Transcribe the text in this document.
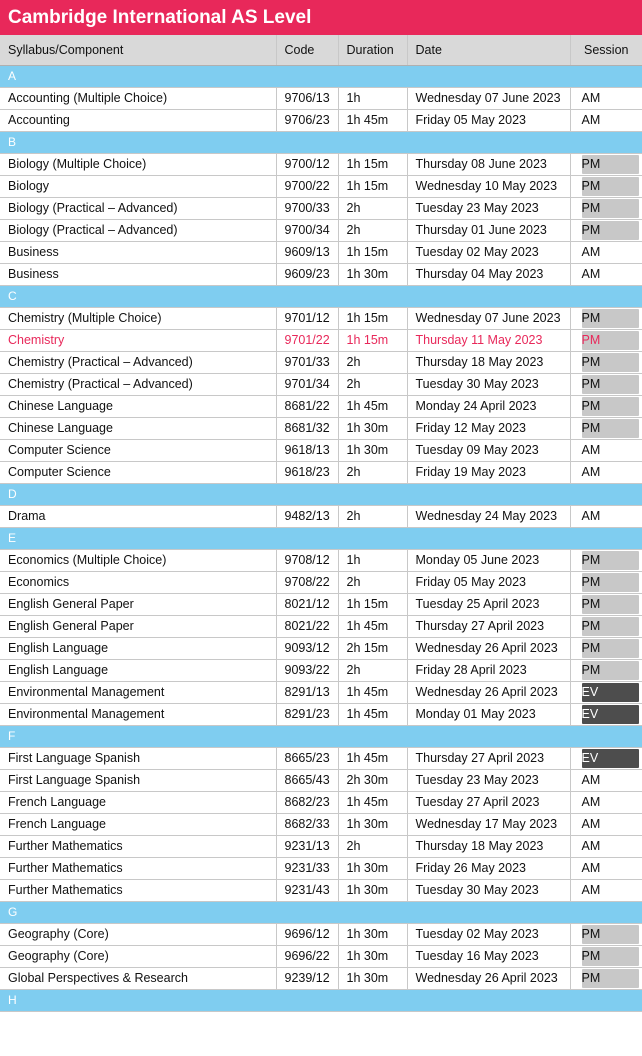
Cambridge International AS Level
Syllabus/Component	Code	Duration	Date	Session
A				
Accounting (Multiple Choice)	9706/13	1h	Wednesday 07 June 2023	AM

Accounting	9706/23	1h 45m	Friday 05 May 2023	AM

B				
Biology (Multiple Choice)	9700/12	1h 15m	Thursday 08 June 2023	PM

Biology	9700/22	1h 15m	Wednesday 10 May 2023	PM

Biology (Practical – Advanced)	9700/33	2h	Tuesday 23 May 2023	PM

Biology (Practical – Advanced)	9700/34	2h	Thursday 01 June 2023	PM

Business	9609/13	1h 15m	Tuesday 02 May 2023	AM

Business	9609/23	1h 30m	Thursday 04 May 2023	AM

C				
Chemistry (Multiple Choice)	9701/12	1h 15m	Wednesday 07 June 2023	PM

Chemistry	9701/22	1h 15m	Thursday 11 May 2023	PM

Chemistry (Practical – Advanced)	9701/33	2h	Thursday 18 May 2023	PM

Chemistry (Practical – Advanced)	9701/34	2h	Tuesday 30 May 2023	PM

Chinese Language	8681/22	1h 45m	Monday 24 April 2023	PM

Chinese Language	8681/32	1h 30m	Friday 12 May 2023	PM

Computer Science	9618/13	1h 30m	Tuesday 09 May 2023	AM

Computer Science	9618/23	2h	Friday 19 May 2023	AM

D				
Drama	9482/13	2h	Wednesday 24 May 2023	AM

E				
Economics (Multiple Choice)	9708/12	1h	Monday 05 June 2023	PM

Economics	9708/22	2h	Friday 05 May 2023	PM

English General Paper	8021/12	1h 15m	Tuesday 25 April 2023	PM

English General Paper	8021/22	1h 45m	Thursday 27 April 2023	PM

English Language	9093/12	2h 15m	Wednesday 26 April 2023	PM

English Language	9093/22	2h	Friday 28 April 2023	PM

Environmental Management	8291/13	1h 45m	Wednesday 26 April 2023	EV

Environmental Management	8291/23	1h 45m	Monday 01 May 2023	EV

F				
First Language Spanish	8665/23	1h 45m	Thursday 27 April 2023	EV

First Language Spanish	8665/43	2h 30m	Tuesday 23 May 2023	AM

French Language	8682/23	1h 45m	Tuesday 27 April 2023	AM

French Language	8682/33	1h 30m	Wednesday 17 May 2023	AM

Further Mathematics	9231/13	2h	Thursday 18 May 2023	AM

Further Mathematics	9231/33	1h 30m	Friday 26 May 2023	AM

Further Mathematics	9231/43	1h 30m	Tuesday 30 May 2023	AM

G				
Geography (Core)	9696/12	1h 30m	Tuesday 02 May 2023	PM

Geography (Core)	9696/22	1h 30m	Tuesday 16 May 2023	PM

Global Perspectives & Research	9239/12	1h 30m	Wednesday 26 April 2023	PM

H				
